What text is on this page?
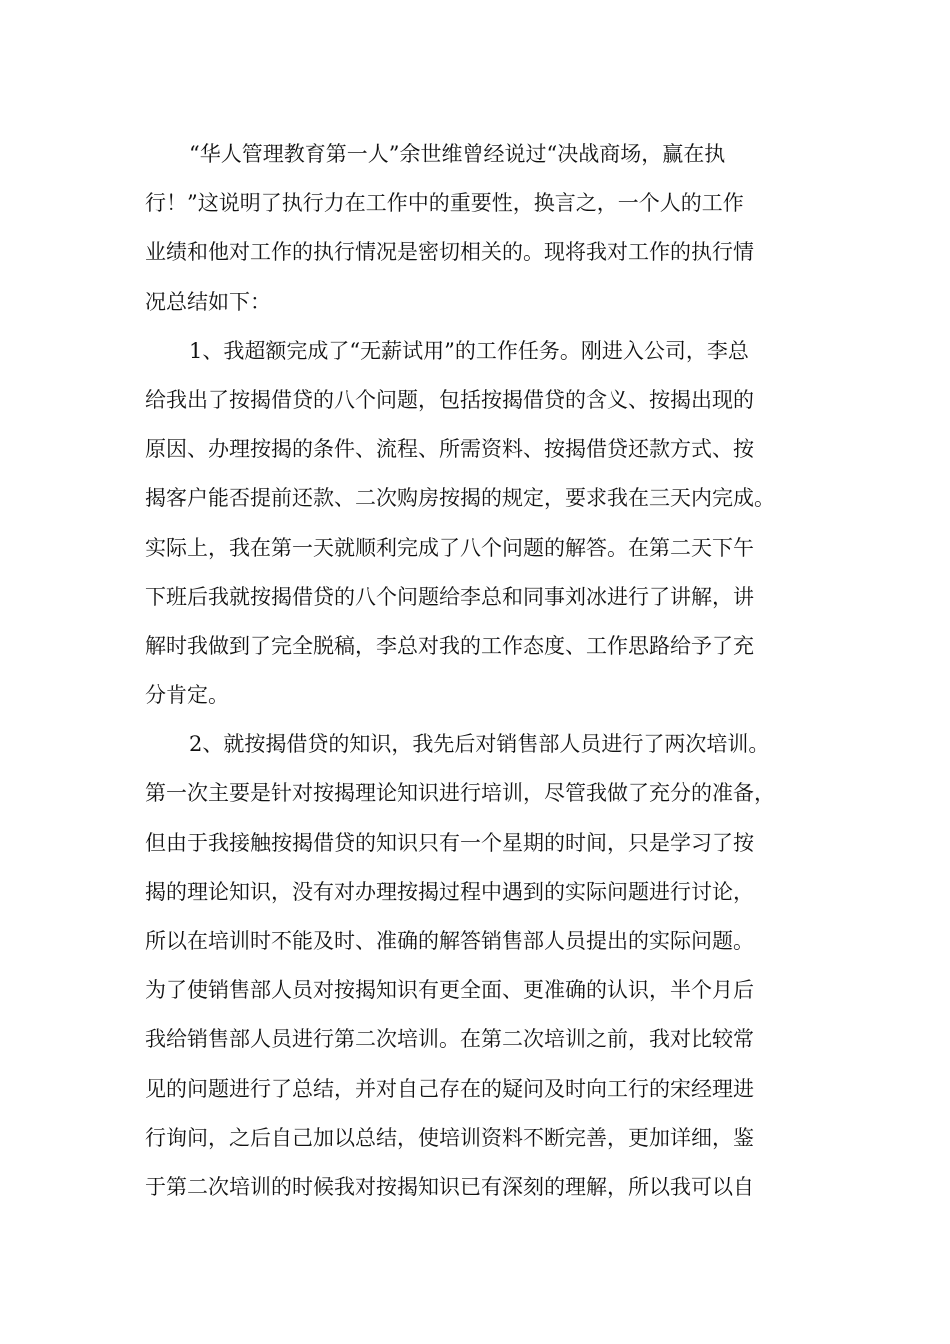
“华人管理教育第一人”余世维曾经说过“决战商场，赢在执
行！”这说明了执行力在工作中的重要性，换言之，一个人的工作
业绩和他对工作的执行情况是密切相关的。现将我对工作的执行情
况总结如下：
1、我超额完成了“无薪试用”的工作任务。刚进入公司，李总
给我出了按揭借贷的八个问题，包括按揭借贷的含义、按揭出现的
原因、办理按揭的条件、流程、所需资料、按揭借贷还款方式、按
揭客户能否提前还款、二次购房按揭的规定，要求我在三天内完成。
实际上，我在第一天就顺利完成了八个问题的解答。在第二天下午
下班后我就按揭借贷的八个问题给李总和同事刘冰进行了讲解，讲
解时我做到了完全脱稿，李总对我的工作态度、工作思路给予了充
分肯定。
2、就按揭借贷的知识，我先后对销售部人员进行了两次培训。
第一次主要是针对按揭理论知识进行培训，尽管我做了充分的准备，
但由于我接触按揭借贷的知识只有一个星期的时间，只是学习了按
揭的理论知识，没有对办理按揭过程中遇到的实际问题进行讨论，
所以在培训时不能及时、准确的解答销售部人员提出的实际问题。
为了使销售部人员对按揭知识有更全面、更准确的认识，半个月后
我给销售部人员进行第二次培训。在第二次培训之前，我对比较常
见的问题进行了总结，并对自己存在的疑问及时向工行的宋经理进
行询问，之后自己加以总结，使培训资料不断完善，更加详细，鉴
于第二次培训的时候我对按揭知识已有深刻的理解，所以我可以自
